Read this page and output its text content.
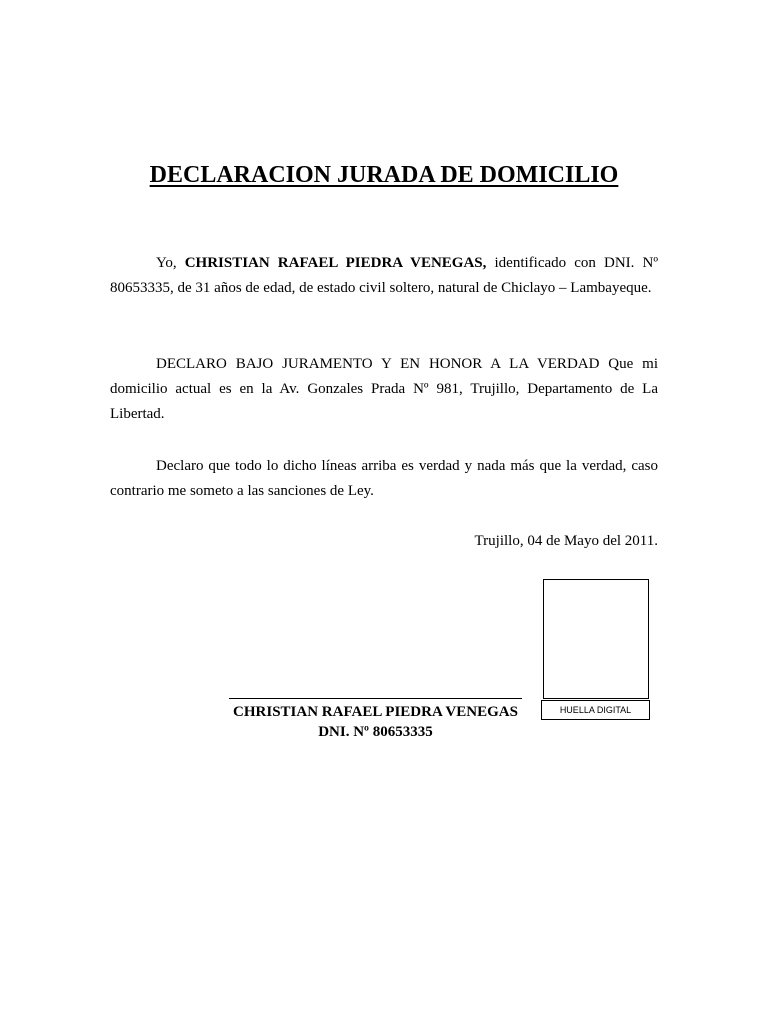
DECLARACION JURADA DE DOMICILIO

Yo, CHRISTIAN RAFAEL PIEDRA VENEGAS, identificado con DNI. Nº 80653335, de 31 años de edad, de estado civil soltero, natural de Chiclayo – Lambayeque.

DECLARO BAJO JURAMENTO Y EN HONOR A LA VERDAD Que mi domicilio actual es en la Av. Gonzales Prada Nº 981, Trujillo, Departamento de La Libertad.

Declaro que todo lo dicho líneas arriba es verdad y nada más que la verdad, caso contrario me someto a las sanciones de Ley.

Trujillo, 04 de Mayo del 2011.
HUELLA DIGITAL
CHRISTIAN RAFAEL PIEDRA VENEGAS
DNI. Nº 80653335
